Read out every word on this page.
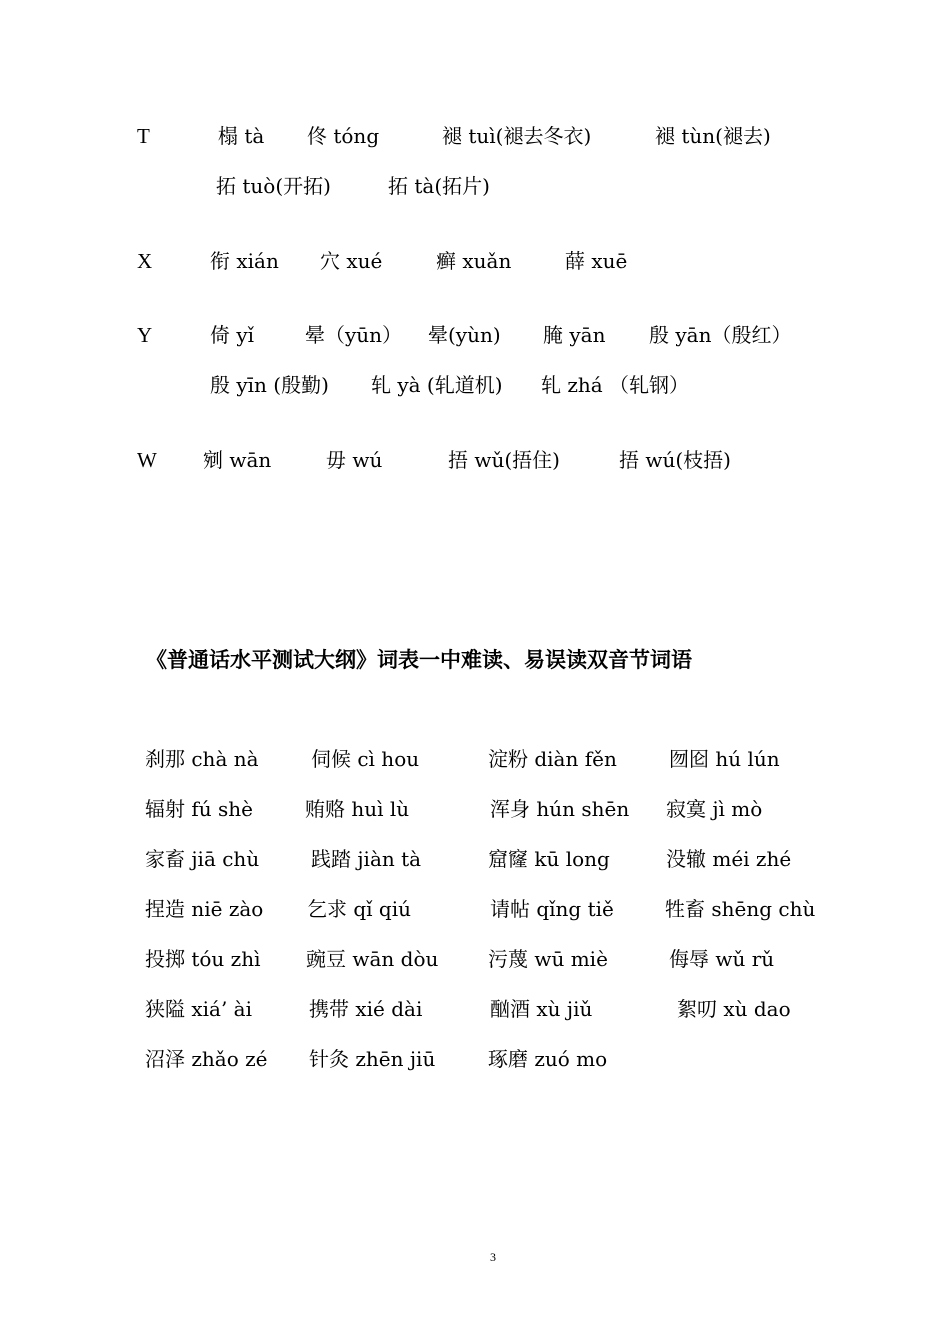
T	榻 tà 佟 tóng	褪 tuì(褪去冬衣)	褪 tùn(褪去)
拓 tuò(开拓)	拓 tà(拓片)
X	衔 xián 穴 xué	癣 xuǎn	薛 xuē
Y	倚 yǐ	晕（yūn） 晕(yùn) 腌 yān 殷 yān（殷红）
殷 yīn (殷勤) 轧 yà (轧道机) 轧 zhá （轧钢）
W 剜 wān	毋 wú	捂 wǔ(捂住)	捂 wú(枝捂)
《普通话水平测试大纲》词表一中难读、易误读双音节词语
刹那 chà nà	伺候 cì hou	淀粉 diàn fěn	囫囵 hú lún
辐射 fú shè	贿赂 huì lù	浑身 hún shēn 寂寞 jì mò
家畜 jiā chù	践踏 jiàn tà	窟窿 kū long	没辙 méi zhé
捏造 niē zào 乞求 qǐ qiú	请帖 qǐng tiě	牲畜 shēng chù
投掷 tóu zhì 豌豆 wān dòu 污蔑 wū miè	侮辱 wǔ rǔ
狭隘 xiá’ ài	携带 xié dài	酗酒 xù jiǔ	絮叨 xù dao
沼泽 zhǎo zé 针灸 zhēn jiū	琢磨 zuó mo
3
